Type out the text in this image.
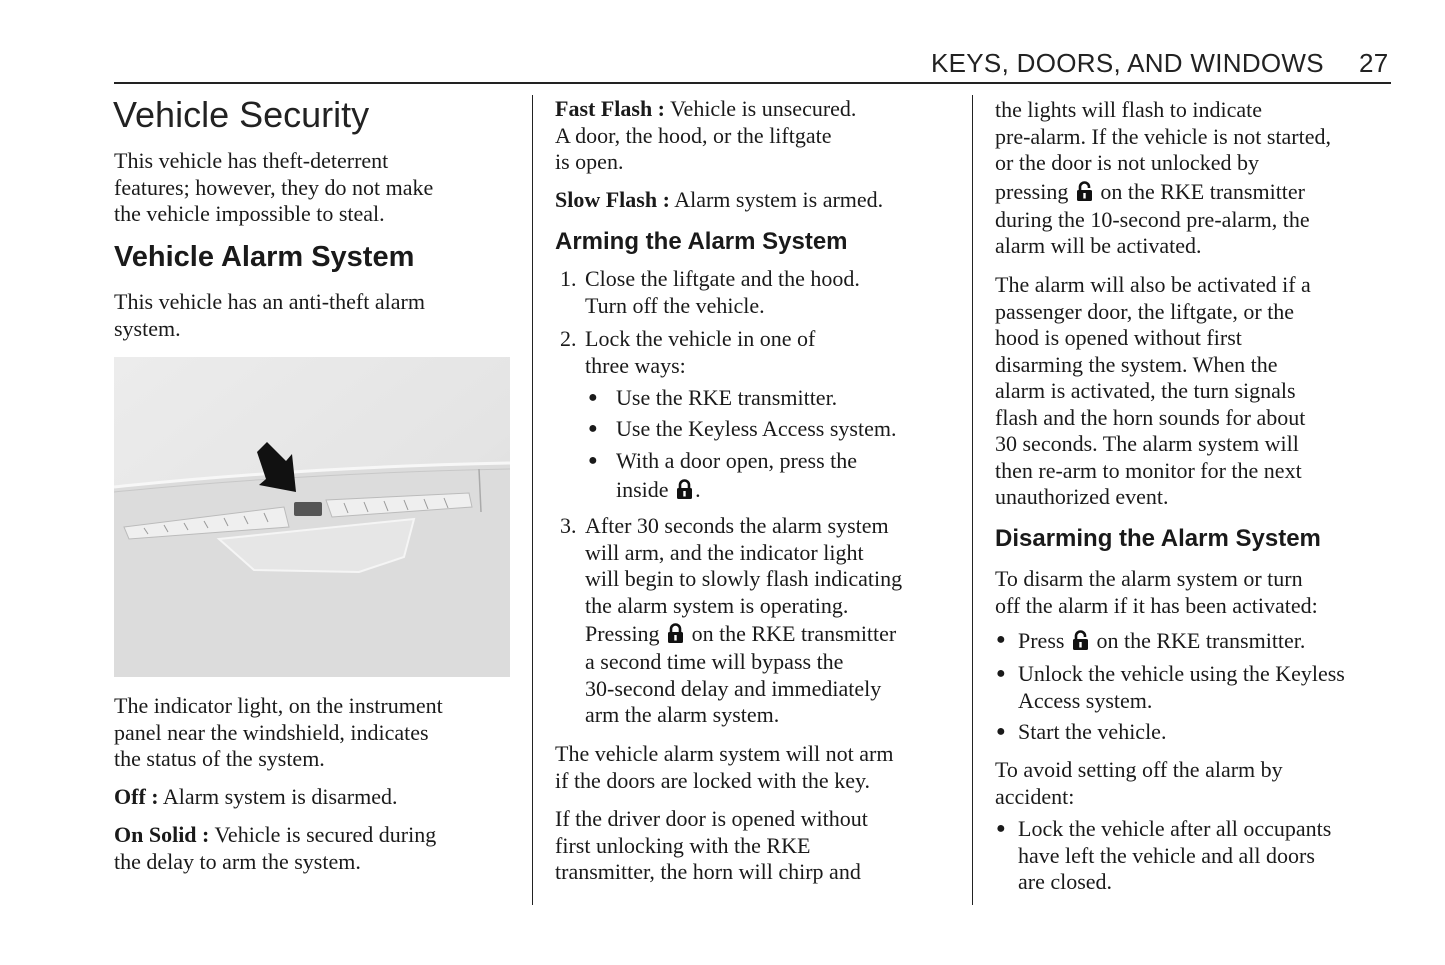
KEYS, DOORS, AND WINDOWS 27
Vehicle Security
This vehicle has theft-deterrent
features; however, they do not make
the vehicle impossible to steal.
Vehicle Alarm System
This vehicle has an anti-theft alarm
system.
The indicator light, on the instrument
panel near the windshield, indicates
the status of the system.
Off : Alarm system is disarmed.
On Solid : Vehicle is secured during
the delay to arm the system.
Fast Flash : Vehicle is unsecured.
A door, the hood, or the liftgate
is open.
Slow Flash : Alarm system is armed.
Arming the Alarm System
1. Close the liftgate and the hood.
Turn off the vehicle.
2. Lock the vehicle in one of
three ways:
● Use the RKE transmitter.
● Use the Keyless Access system.
● With a door open, press the
inside .
3. After 30 seconds the alarm system
will arm, and the indicator light
will begin to slowly flash indicating
the alarm system is operating.
Pressing  on the RKE transmitter
a second time will bypass the
30-second delay and immediately
arm the alarm system.
The vehicle alarm system will not arm
if the doors are locked with the key.
If the driver door is opened without
first unlocking with the RKE
transmitter, the horn will chirp and
the lights will flash to indicate
pre-alarm. If the vehicle is not started,
or the door is not unlocked by
pressing  on the RKE transmitter
during the 10-second pre-alarm, the
alarm will be activated.
The alarm will also be activated if a
passenger door, the liftgate, or the
hood is opened without first
disarming the system. When the
alarm is activated, the turn signals
flash and the horn sounds for about
30 seconds. The alarm system will
then re-arm to monitor for the next
unauthorized event.
Disarming the Alarm System
To disarm the alarm system or turn
off the alarm if it has been activated:
● Press  on the RKE transmitter.
● Unlock the vehicle using the Keyless
Access system.
● Start the vehicle.
To avoid setting off the alarm by
accident:
● Lock the vehicle after all occupants
have left the vehicle and all doors
are closed.
